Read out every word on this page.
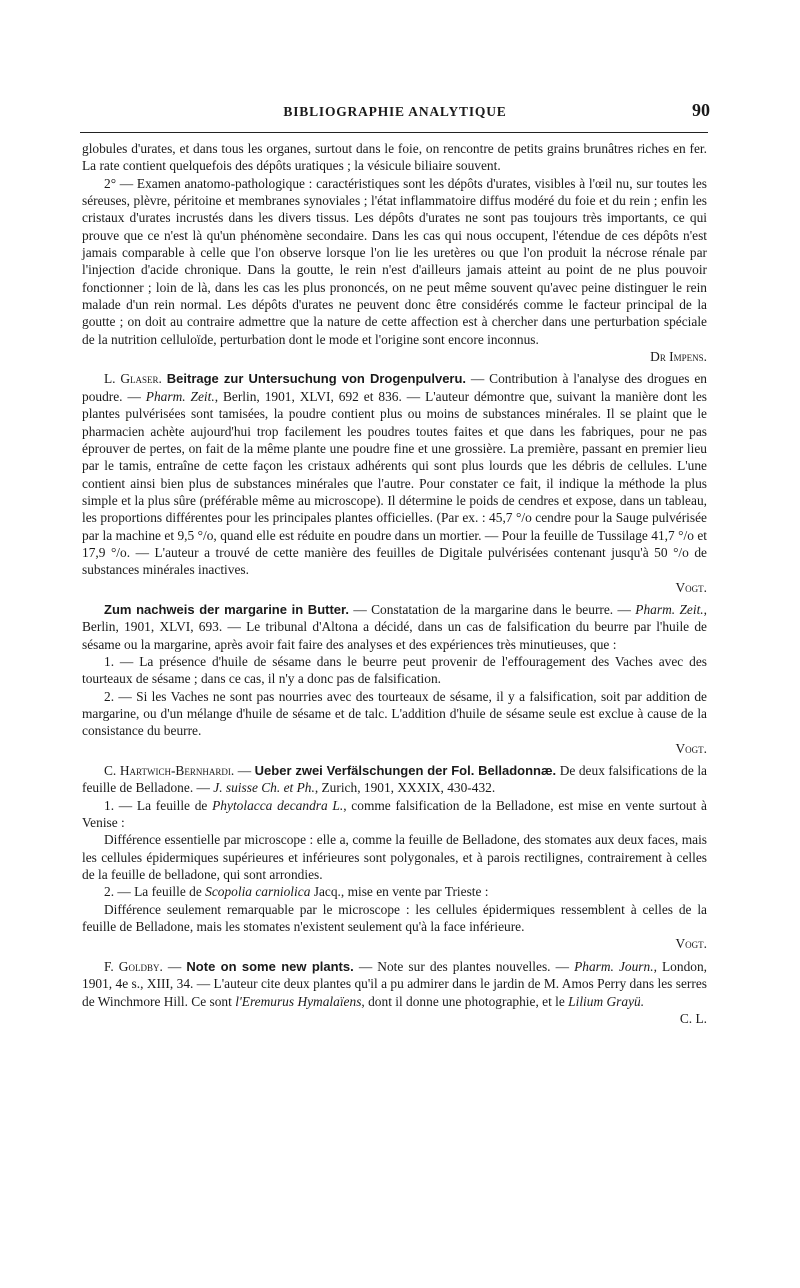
BIBLIOGRAPHIE ANALYTIQUE	90

globules d'urates, et dans tous les organes, surtout dans le foie, on rencontre de petits grains brunâtres riches en fer. La rate contient quelquefois des dépôts uratiques ; la vésicule biliaire souvent.

2° — Examen anatomo-pathologique : caractéristiques sont les dépôts d'urates, visibles à l'œil nu, sur toutes les séreuses, plèvre, péritoine et membranes synoviales ; l'état inflammatoire diffus modéré du foie et du rein ; enfin les cristaux d'urates incrustés dans les divers tissus. Les dépôts d'urates ne sont pas toujours très importants, ce qui prouve que ce n'est là qu'un phénomène secondaire. Dans les cas qui nous occupent, l'étendue de ces dépôts n'est jamais comparable à celle que l'on observe lorsque l'on lie les uretères ou que l'on produit la nécrose rénale par l'injection d'acide chronique. Dans la goutte, le rein n'est d'ailleurs jamais atteint au point de ne plus pouvoir fonctionner ; loin de là, dans les cas les plus prononcés, on ne peut même souvent qu'avec peine distinguer le rein malade d'un rein normal. Les dépôts d'urates ne peuvent donc être considérés comme le facteur principal de la goutte ; on doit au contraire admettre que la nature de cette affection est à chercher dans une perturbation spéciale de la nutrition celluloïde, perturbation dont le mode et l'origine sont encore inconnus.

Dr Impens.

L. Glaser. Beitrage zur Untersuchung von Drogenpulveru. — Contribution à l'analyse des drogues en poudre. — Pharm. Zeit., Berlin, 1901, XLVI, 692 et 836. — L'auteur démontre que, suivant la manière dont les plantes pulvérisées sont tamisées, la poudre contient plus ou moins de substances minérales. Il se plaint que le pharmacien achète aujourd'hui trop facilement les poudres toutes faites et que dans les fabriques, pour ne pas éprouver de pertes, on fait de la même plante une poudre fine et une grossière. La première, passant en premier lieu par le tamis, entraîne de cette façon les cristaux adhérents qui sont plus lourds que les débris de cellules. L'une contient ainsi bien plus de substances minérales que l'autre. Pour constater ce fait, il indique la méthode la plus simple et la plus sûre (préférable même au microscope). Il détermine le poids de cendres et expose, dans un tableau, les proportions différentes pour les principales plantes officielles. (Par ex. : 45,7 °/o cendre pour la Sauge pulvérisée par la machine et 9,5 °/o, quand elle est réduite en poudre dans un mortier. — Pour la feuille de Tussilage 41,7 °/o et 17,9 °/o. — L'auteur a trouvé de cette manière des feuilles de Digitale pulvérisées contenant jusqu'à 50 °/o de substances minérales inactives.

Vogt.

Zum nachweis der margarine in Butter. — Constatation de la margarine dans le beurre. — Pharm. Zeit., Berlin, 1901, XLVI, 693. — Le tribunal d'Altona a décidé, dans un cas de falsification du beurre par l'huile de sésame ou la margarine, après avoir fait faire des analyses et des expériences très minutieuses, que :

1. — La présence d'huile de sésame dans le beurre peut provenir de l'effouragement des Vaches avec des tourteaux de sésame ; dans ce cas, il n'y a donc pas de falsification.

2. — Si les Vaches ne sont pas nourries avec des tourteaux de sésame, il y a falsification, soit par addition de margarine, ou d'un mélange d'huile de sésame et de talc. L'addition d'huile de sésame seule est exclue à cause de la consistance du beurre.

Vogt.

C. Hartwich-Bernhardi. — Ueber zwei Verfälschungen der Fol. Belladonnæ. De deux falsifications de la feuille de Belladone. — J. suisse Ch. et Ph., Zurich, 1901, XXXIX, 430-432.

1. — La feuille de Phytolacca decandra L., comme falsification de la Belladone, est mise en vente surtout à Venise :

Différence essentielle par microscope : elle a, comme la feuille de Belladone, des stomates aux deux faces, mais les cellules épidermiques supérieures et inférieures sont polygonales, et à parois rectilignes, contrairement à celles de la feuille de belladone, qui sont arrondies.

2. — La feuille de Scopolia carniolica Jacq., mise en vente par Trieste :

Différence seulement remarquable par le microscope : les cellules épidermiques ressemblent à celles de la feuille de Belladone, mais les stomates n'existent seulement qu'à la face inférieure.

Vogt.

F. Goldby. — Note on some new plants. — Note sur des plantes nouvelles. — Pharm. Journ., London, 1901, 4e s., XIII, 34. — L'auteur cite deux plantes qu'il a pu admirer dans le jardin de M. Amos Perry dans les serres de Winchmore Hill. Ce sont l'Eremurus Hymalaïens, dont il donne une photographie, et le Lilium Grayü.

C. L.
